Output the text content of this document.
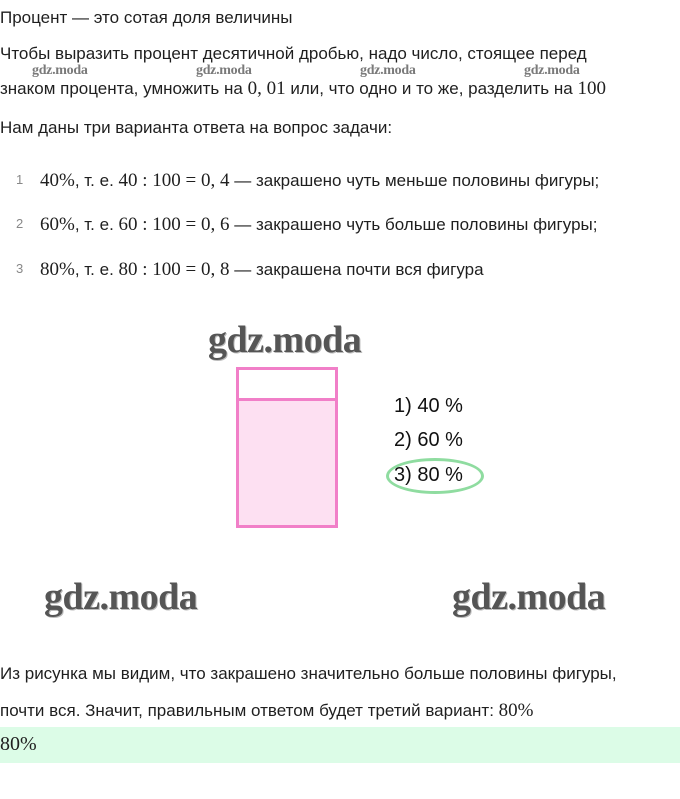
Процент — это сотая доля величины
Чтобы выразить процент десятичной дробью, надо число, стоящее перед
gdz.moda	gdz.moda	gdz.moda	gdz.moda
знаком процента, умножить на 0, 01 или, что одно и то же, разделить на 100
Нам даны три варианта ответа на вопрос задачи:
1 40%, т. е. 40 : 100 = 0, 4 — закрашено чуть меньше половины фигуры;
2 60%, т. е. 60 : 100 = 0, 6 — закрашено чуть больше половины фигуры;
3 80%, т. е. 80 : 100 = 0, 8 — закрашена почти вся фигура
gdz.moda
1) 40 %
2) 60 %
3) 80 %
gdz.moda	gdz.moda
Из рисунка мы видим, что закрашено значительно больше половины фигуры,
почти вся. Значит, правильным ответом будет третий вариант: 80%
80%
